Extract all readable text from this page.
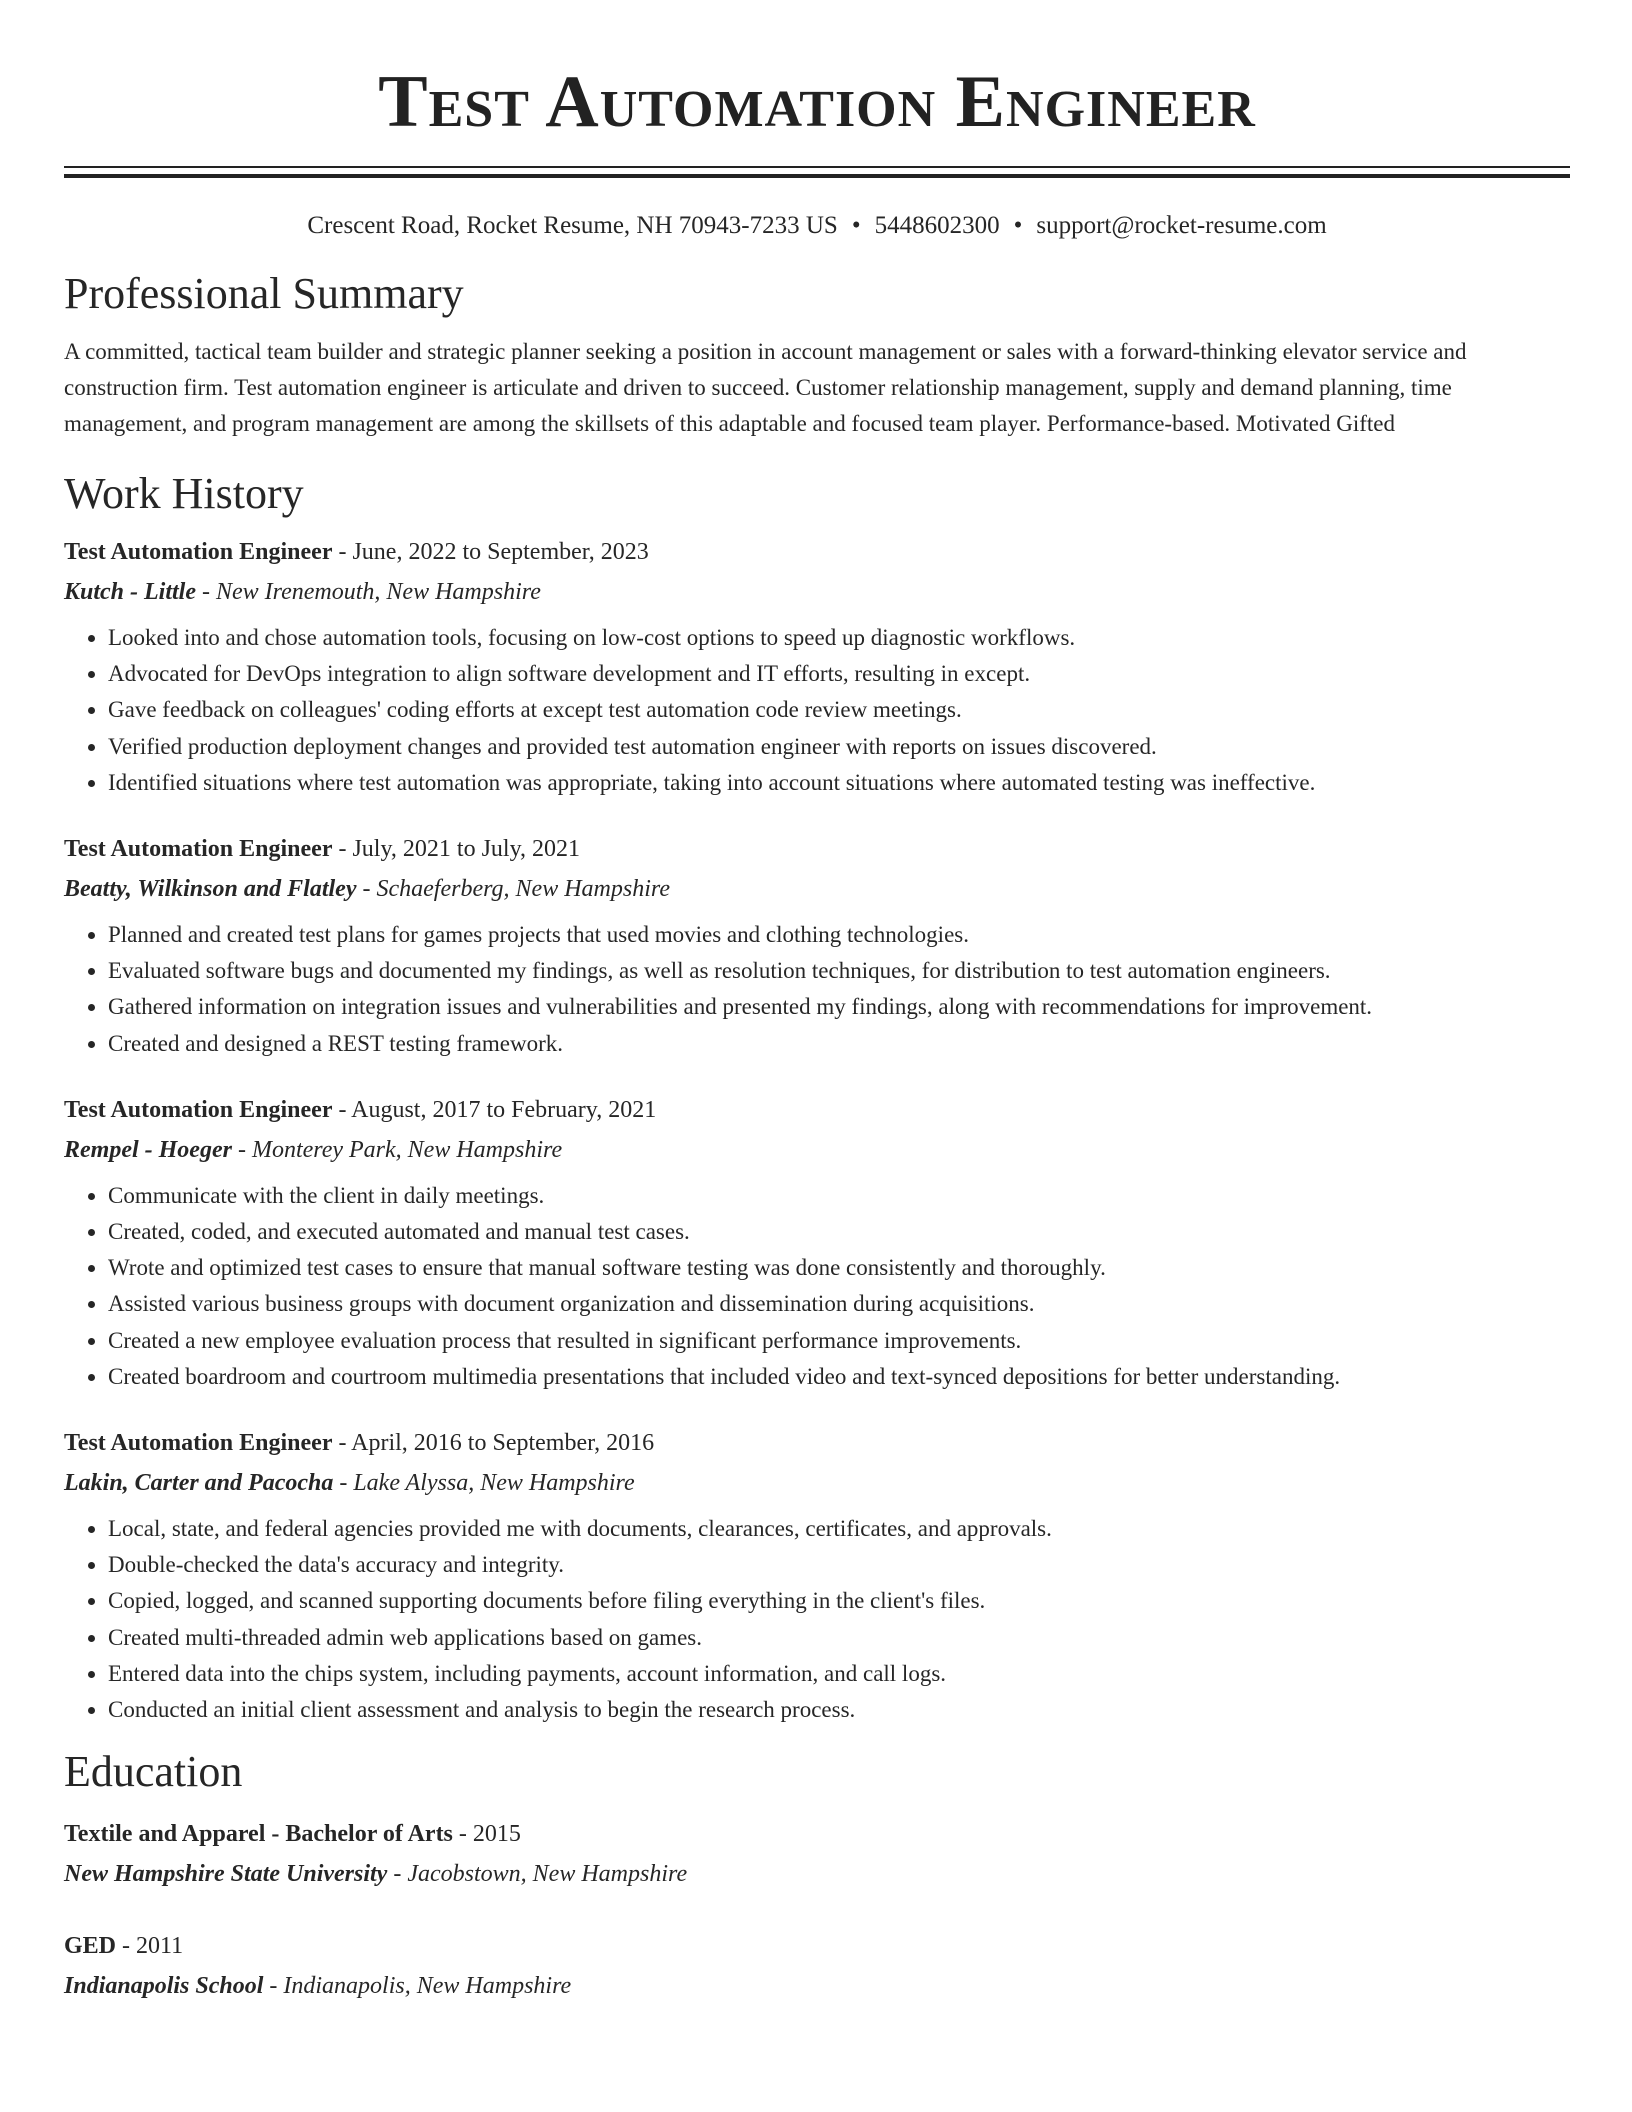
Test Automation Engineer
Crescent Road, Rocket Resume, NH 70943-7233 US • 5448602300 • support@rocket-resume.com
Professional Summary
A committed, tactical team builder and strategic planner seeking a position in account management or sales with a forward-thinking elevator service and construction firm. Test automation engineer is articulate and driven to succeed. Customer relationship management, supply and demand planning, time management, and program management are among the skillsets of this adaptable and focused team player. Performance-based. Motivated Gifted
Work History
Test Automation Engineer - June, 2022 to September, 2023
Kutch - Little - New Irenemouth, New Hampshire
• Looked into and chose automation tools, focusing on low-cost options to speed up diagnostic workflows.
• Advocated for DevOps integration to align software development and IT efforts, resulting in except.
• Gave feedback on colleagues' coding efforts at except test automation code review meetings.
• Verified production deployment changes and provided test automation engineer with reports on issues discovered.
• Identified situations where test automation was appropriate, taking into account situations where automated testing was ineffective.
Test Automation Engineer - July, 2021 to July, 2021
Beatty, Wilkinson and Flatley - Schaeferberg, New Hampshire
• Planned and created test plans for games projects that used movies and clothing technologies.
• Evaluated software bugs and documented my findings, as well as resolution techniques, for distribution to test automation engineers.
• Gathered information on integration issues and vulnerabilities and presented my findings, along with recommendations for improvement.
• Created and designed a REST testing framework.
Test Automation Engineer - August, 2017 to February, 2021
Rempel - Hoeger - Monterey Park, New Hampshire
• Communicate with the client in daily meetings.
• Created, coded, and executed automated and manual test cases.
• Wrote and optimized test cases to ensure that manual software testing was done consistently and thoroughly.
• Assisted various business groups with document organization and dissemination during acquisitions.
• Created a new employee evaluation process that resulted in significant performance improvements.
• Created boardroom and courtroom multimedia presentations that included video and text-synced depositions for better understanding.
Test Automation Engineer - April, 2016 to September, 2016
Lakin, Carter and Pacocha - Lake Alyssa, New Hampshire
• Local, state, and federal agencies provided me with documents, clearances, certificates, and approvals.
• Double-checked the data's accuracy and integrity.
• Copied, logged, and scanned supporting documents before filing everything in the client's files.
• Created multi-threaded admin web applications based on games.
• Entered data into the chips system, including payments, account information, and call logs.
• Conducted an initial client assessment and analysis to begin the research process.
Education
Textile and Apparel - Bachelor of Arts - 2015
New Hampshire State University - Jacobstown, New Hampshire
GED - 2011
Indianapolis School - Indianapolis, New Hampshire
